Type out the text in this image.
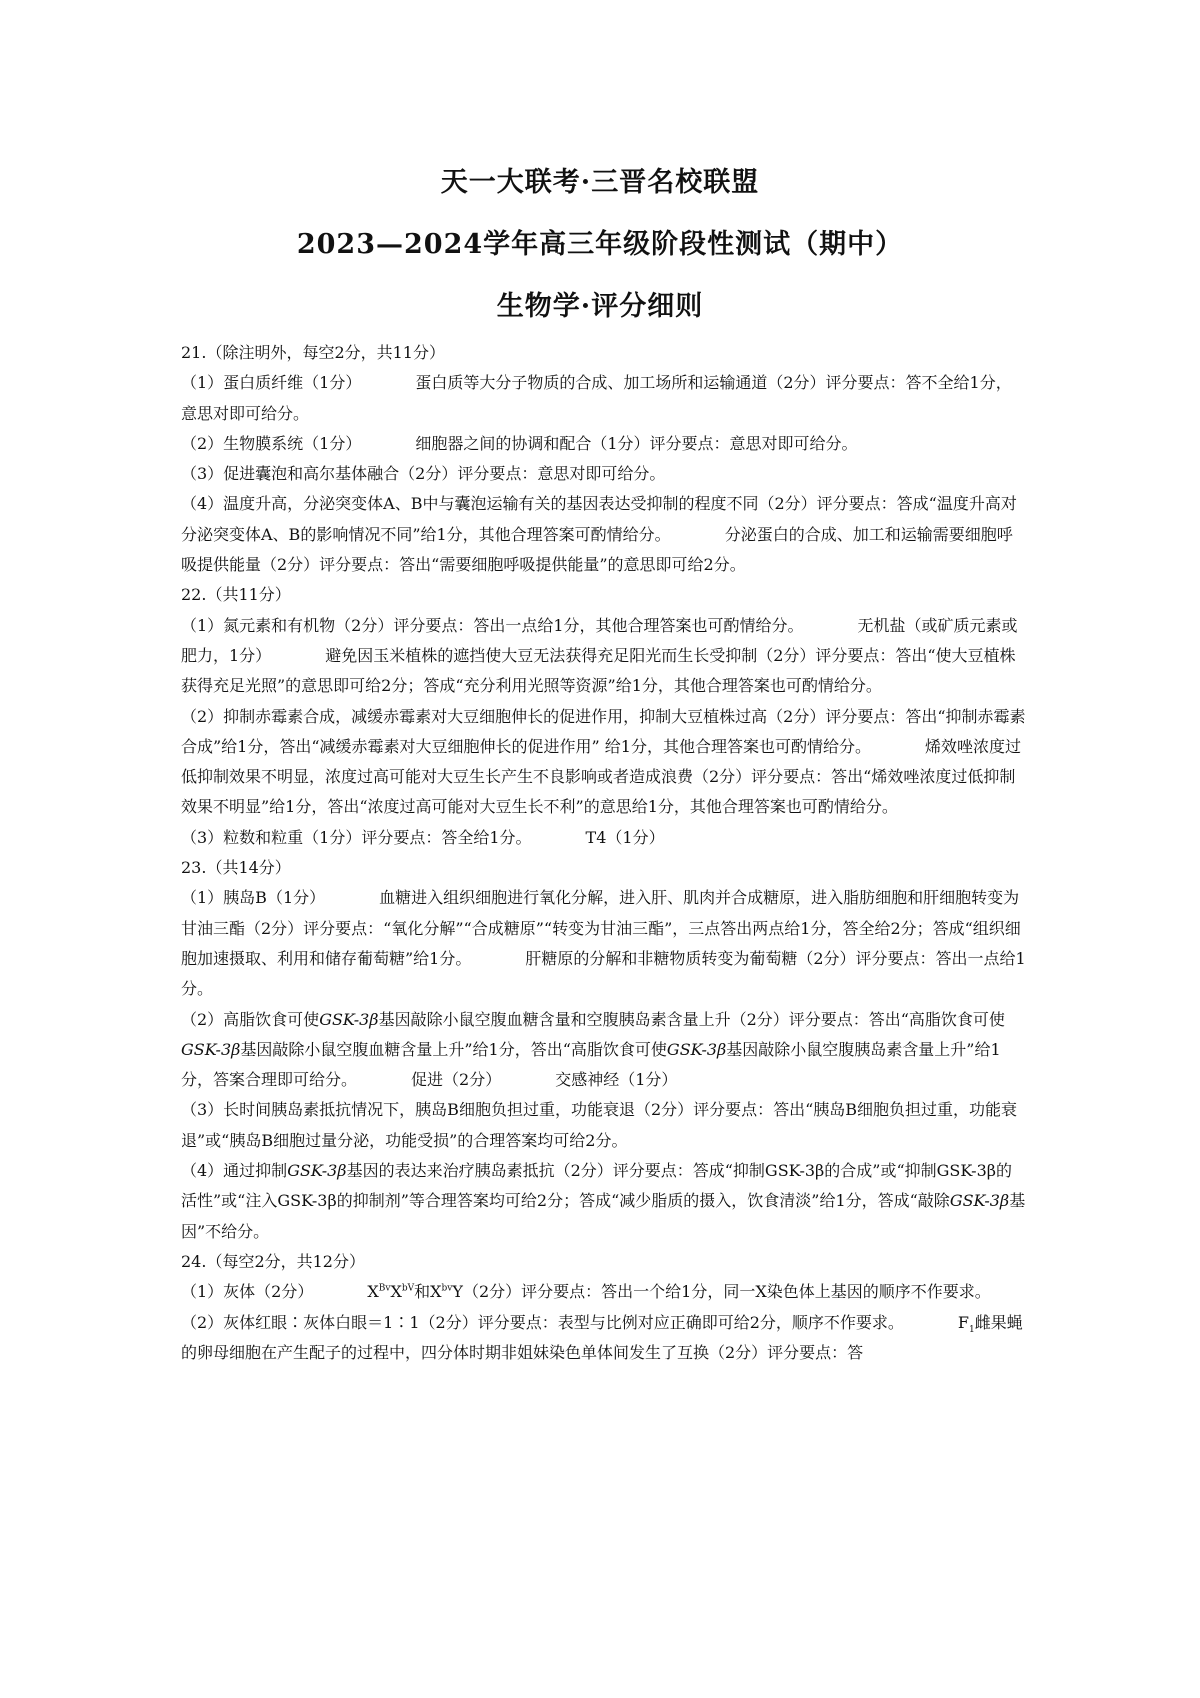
天一大联考·三晋名校联盟
2023—2024学年高三年级阶段性测试（期中）
生物学·评分细则

21.（除注明外，每空2分，共11分）

（1）蛋白质纤维（1分）	蛋白质等大分子物质的合成、加工场所和运输通道（2分）评分要点：答不全给1分，意思对即可给分。

（2）生物膜系统（1分）	细胞器之间的协调和配合（1分）评分要点：意思对即可给分。

（3）促进囊泡和高尔基体融合（2分）评分要点：意思对即可给分。

（4）温度升高，分泌突变体A、B中与囊泡运输有关的基因表达受抑制的程度不同（2分）评分要点：答成“温度升高对分泌突变体A、B的影响情况不同”给1分，其他合理答案可酌情给分。	分泌蛋白的合成、加工和运输需要细胞呼吸提供能量（2分）评分要点：答出“需要细胞呼吸提供能量”的意思即可给2分。

22.（共11分）

（1）氮元素和有机物（2分）评分要点：答出一点给1分，其他合理答案也可酌情给分。	无机盐（或矿质元素或肥力，1分）	避免因玉米植株的遮挡使大豆无法获得充足阳光而生长受抑制（2分）评分要点：答出“使大豆植株获得充足光照”的意思即可给2分；答成“充分利用光照等资源”给1分，其他合理答案也可酌情给分。

（2）抑制赤霉素合成，减缓赤霉素对大豆细胞伸长的促进作用，抑制大豆植株过高（2分）评分要点：答出“抑制赤霉素合成”给1分，答出“减缓赤霉素对大豆细胞伸长的促进作用” 给1分，其他合理答案也可酌情给分。	烯效唑浓度过低抑制效果不明显，浓度过高可能对大豆生长产生不良影响或者造成浪费（2分）评分要点：答出“烯效唑浓度过低抑制效果不明显”给1分，答出“浓度过高可能对大豆生长不利”的意思给1分，其他合理答案也可酌情给分。

（3）粒数和粒重（1分）评分要点：答全给1分。	T4（1分）

23.（共14分）

（1）胰岛B（1分）	血糖进入组织细胞进行氧化分解，进入肝、肌肉并合成糖原，进入脂肪细胞和肝细胞转变为甘油三酯（2分）评分要点：“氧化分解”“合成糖原”“转变为甘油三酯”，三点答出两点给1分，答全给2分；答成“组织细胞加速摄取、利用和储存葡萄糖”给1分。	肝糖原的分解和非糖物质转变为葡萄糖（2分）评分要点：答出一点给1分。

（2）高脂饮食可使GSK-3β基因敲除小鼠空腹血糖含量和空腹胰岛素含量上升（2分）评分要点：答出“高脂饮食可使GSK-3β基因敲除小鼠空腹血糖含量上升”给1分，答出“高脂饮食可使GSK-3β基因敲除小鼠空腹胰岛素含量上升”给1分，答案合理即可给分。	促进（2分）	交感神经（1分）

（3）长时间胰岛素抵抗情况下，胰岛B细胞负担过重，功能衰退（2分）评分要点：答出“胰岛B细胞负担过重，功能衰退”或“胰岛B细胞过量分泌，功能受损”的合理答案均可给2分。

（4）通过抑制GSK-3β基因的表达来治疗胰岛素抵抗（2分）评分要点：答成“抑制GSK-3β的合成”或“抑制GSK-3β的活性”或“注入GSK-3β的抑制剂”等合理答案均可给2分；答成“减少脂质的摄入，饮食清淡”给1分，答成“敲除GSK-3β基因”不给分。

24.（每空2分，共12分）

（1）灰体（2分）	$X^{Bv}X^{bV}$和$X^{bv}Y(2$分）评分要点：答出一个给1分，同一X染色体上基因的顺序不作要求。

（2）灰体红眼∶灰体白眼＝1∶1（2分）评分要点：表型与比例对应正确即可给2分，顺序不作要求。	$F_1$雌果蝇的卵母细胞在产生配子的过程中，四分体时期非姐妹染色单体间发生了互换（2分）评分要点：答
